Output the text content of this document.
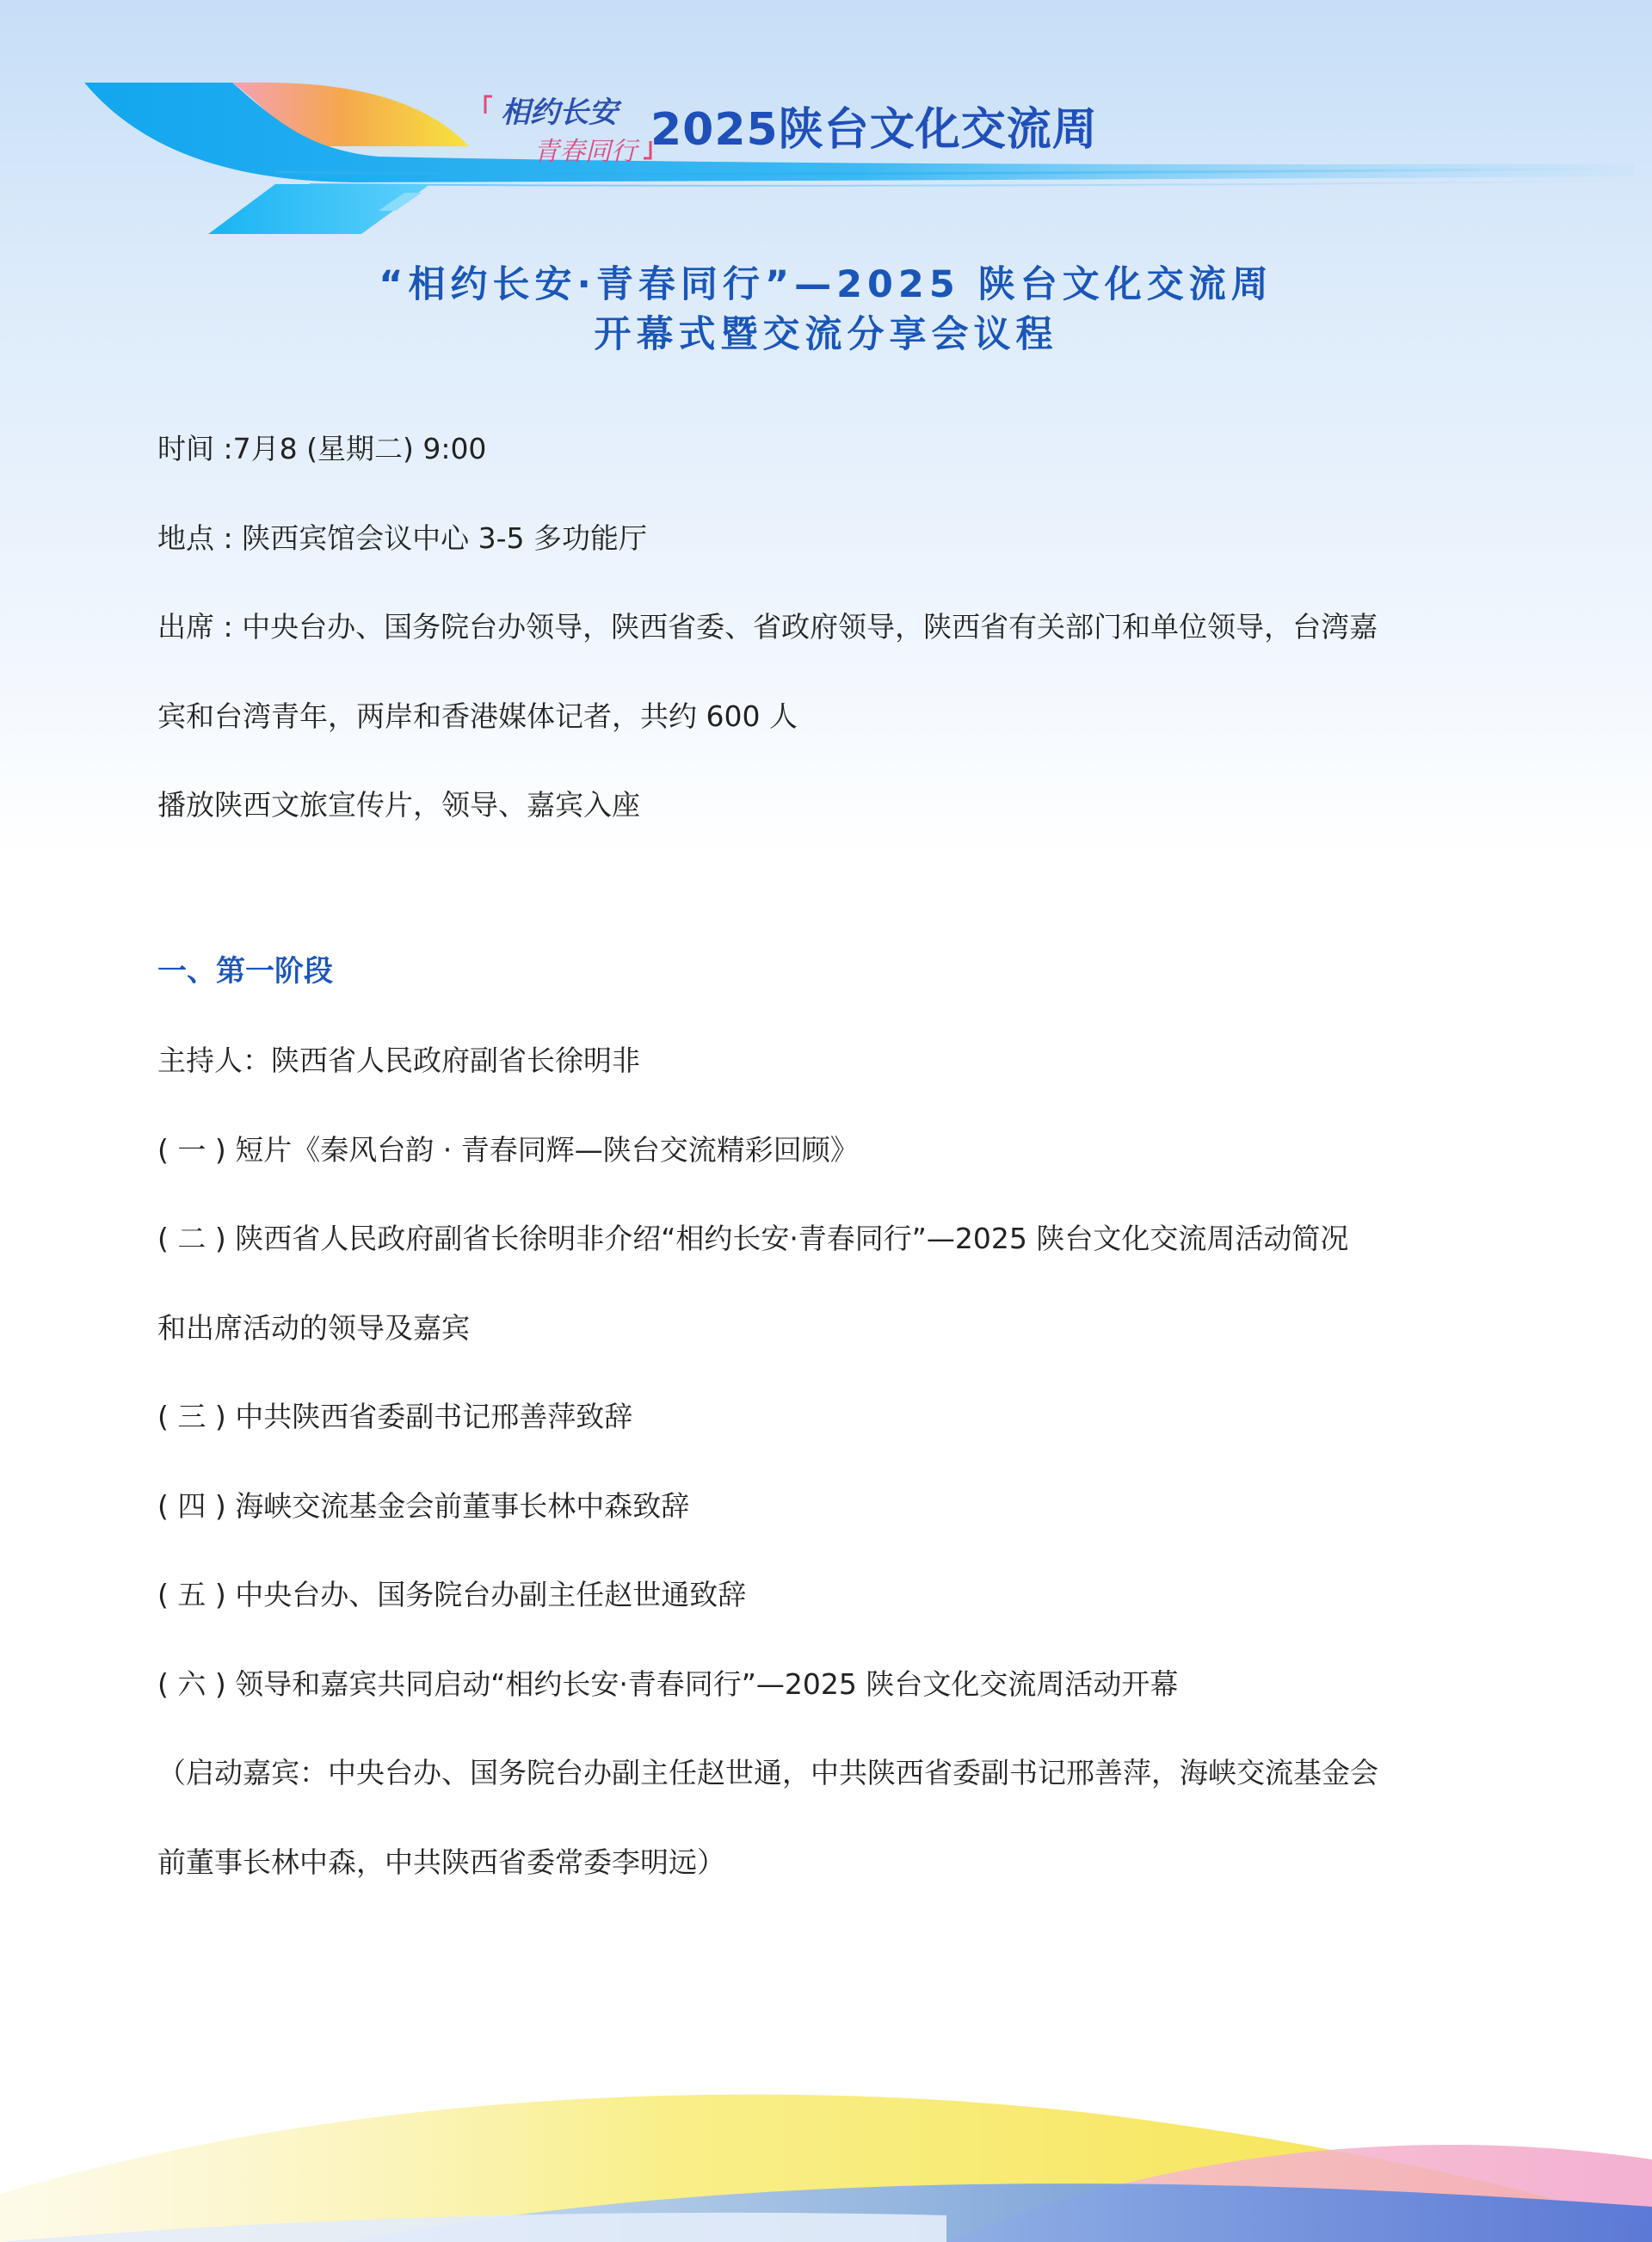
相约长安
青春同行 2025陕台文化交流周
“相约长安·青春同行”—2025 陕台文化交流周
开幕式暨交流分享会议程
时间 :7月8 (星期二) 9:00
地点 : 陕西宾馆会议中心 3-5 多功能厅
出席 : 中央台办、国务院台办领导，陕西省委、省政府领导，陕西省有关部门和单位领导，台湾嘉
宾和台湾青年，两岸和香港媒体记者，共约 600 人
播放陕西文旅宣传片，领导、嘉宾入座
一、第一阶段
主持人：陕西省人民政府副省长徐明非
( 一 ) 短片《秦风台韵 · 青春同辉—陕台交流精彩回顾》
( 二 ) 陕西省人民政府副省长徐明非介绍“相约长安·青春同行”—2025 陕台文化交流周活动简况
和出席活动的领导及嘉宾
( 三 ) 中共陕西省委副书记邢善萍致辞
( 四 ) 海峡交流基金会前董事长林中森致辞
( 五 ) 中央台办、国务院台办副主任赵世通致辞
( 六 ) 领导和嘉宾共同启动“相约长安·青春同行”—2025 陕台文化交流周活动开幕
（启动嘉宾：中央台办、国务院台办副主任赵世通，中共陕西省委副书记邢善萍，海峡交流基金会
前董事长林中森，中共陕西省委常委李明远）
